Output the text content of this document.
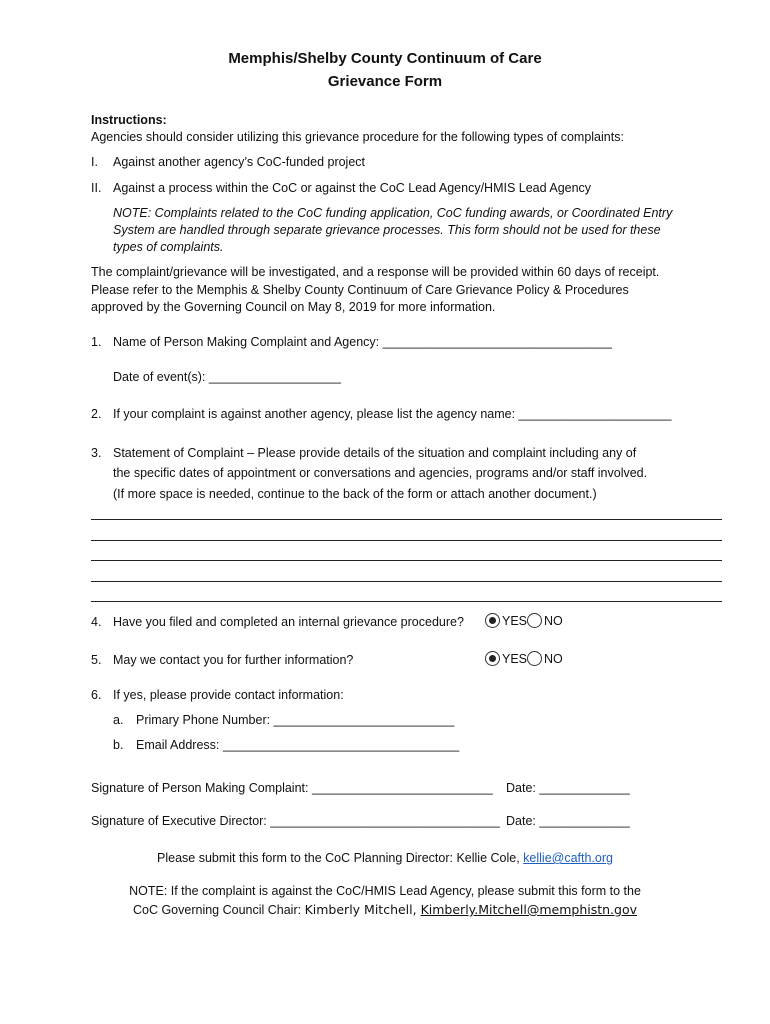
Memphis/Shelby County Continuum of Care
Grievance Form
Instructions:
Agencies should consider utilizing this grievance procedure for the following types of complaints:
I. Against another agency’s CoC-funded project
II. Against a process within the CoC or against the CoC Lead Agency/HMIS Lead Agency
NOTE: Complaints related to the CoC funding application, CoC funding awards, or Coordinated Entry
System are handled through separate grievance processes. This form should not be used for these
types of complaints.
The complaint/grievance will be investigated, and a response will be provided within 60 days of receipt.
Please refer to the Memphis & Shelby County Continuum of Care Grievance Policy & Procedures
approved by the Governing Council on May 8, 2019 for more information.
1. Name of Person Making Complaint and Agency: _________________________________
Date of event(s): ___________________
2. If your complaint is against another agency, please list the agency name: ______________________
3. Statement of Complaint – Please provide details of the situation and complaint including any of
the specific dates of appointment or conversations and agencies, programs and/or staff involved.
(If more space is needed, continue to the back of the form or attach another document.)
4. Have you filed and completed an internal grievance procedure?	YES NO
5. May we contact you for further information?	YES NO
6. If yes, please provide contact information:
a. Primary Phone Number: __________________________
b. Email Address: __________________________________
Signature of Person Making Complaint: __________________________ Date: _____________
Signature of Executive Director: _________________________________ Date: _____________
Please submit this form to the CoC Planning Director: Kellie Cole, kellie@cafth.org
NOTE: If the complaint is against the CoC/HMIS Lead Agency, please submit this form to the
CoC Governing Council Chair: Kimberly Mitchell, Kimberly.Mitchell@memphistn.gov
